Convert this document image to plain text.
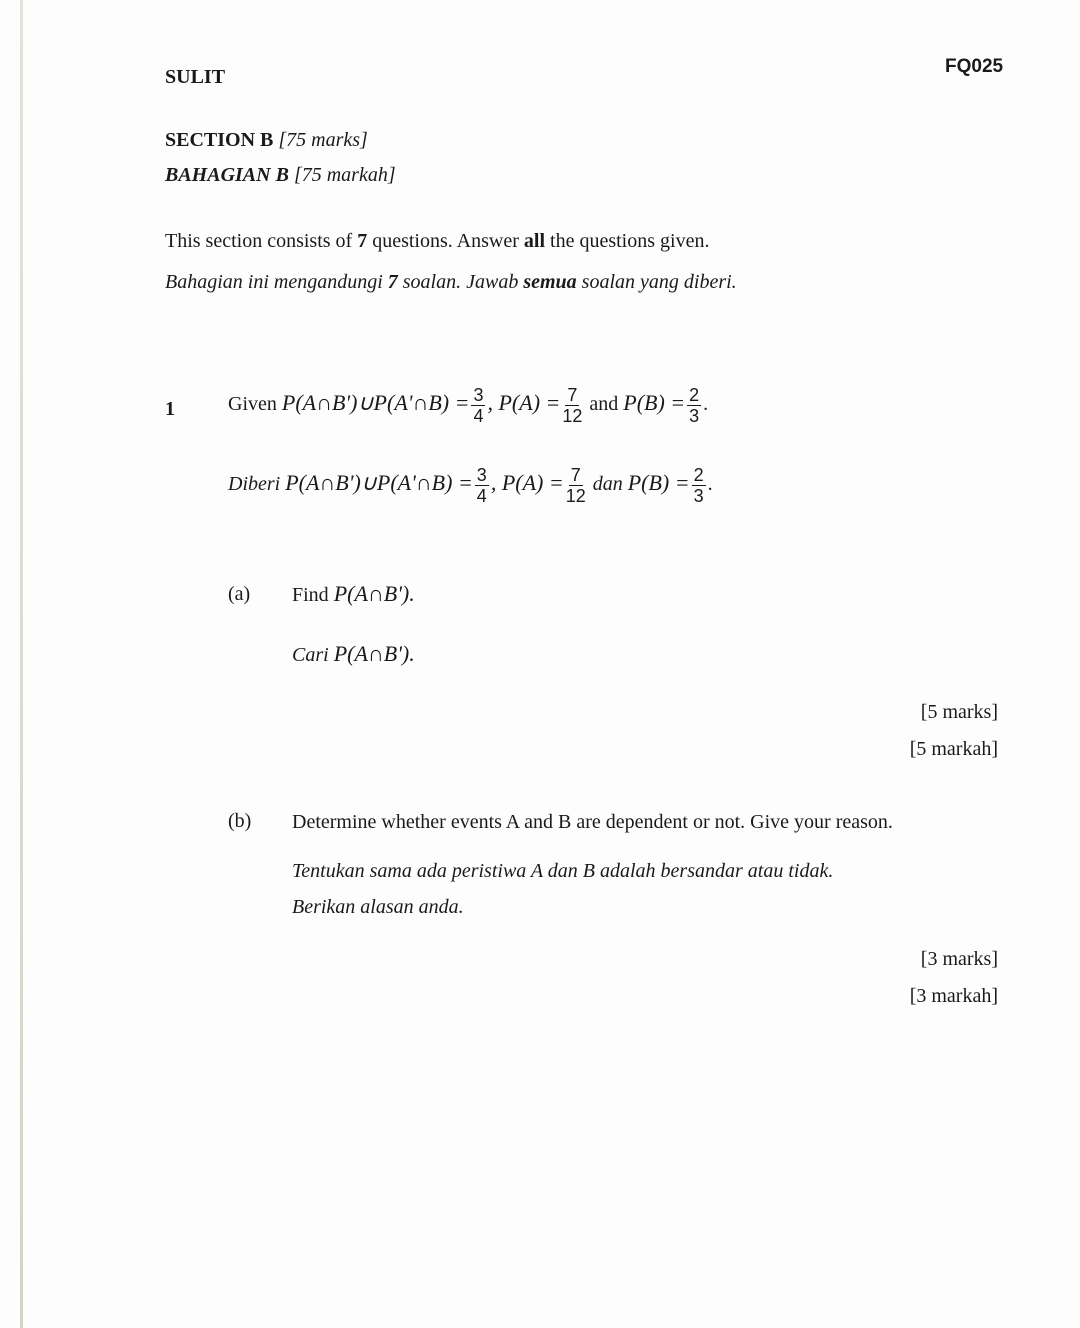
SULIT	FQ025
SECTION B [75 marks]
BAHAGIAN B [75 markah]
This section consists of 7 questions. Answer all the questions given.
Bahagian ini mengandungi 7 soalan. Jawab semua soalan yang diberi.
1	Given P(A∩B')∪P(A'∩B) = $\frac{3}{4}$ , $P(A) = \frac{7}{12}$ and $P(B) = \frac{2}{3}$ .
Diberi P(A∩B')∪P(A'∩B) = $\frac{3}{4}$ , $P(A) = \frac{7}{12}$ dan $P(B) = \frac{2}{3}$ .
(a) Find P(A∩B').
Cari P(A∩B').
[5 marks]
[5 markah]
(b) Determine whether events A and B are dependent or not. Give your reason.
Tentukan sama ada peristiwa A dan B adalah bersandar atau tidak.
Berikan alasan anda.
[3 marks]
[3 markah]
